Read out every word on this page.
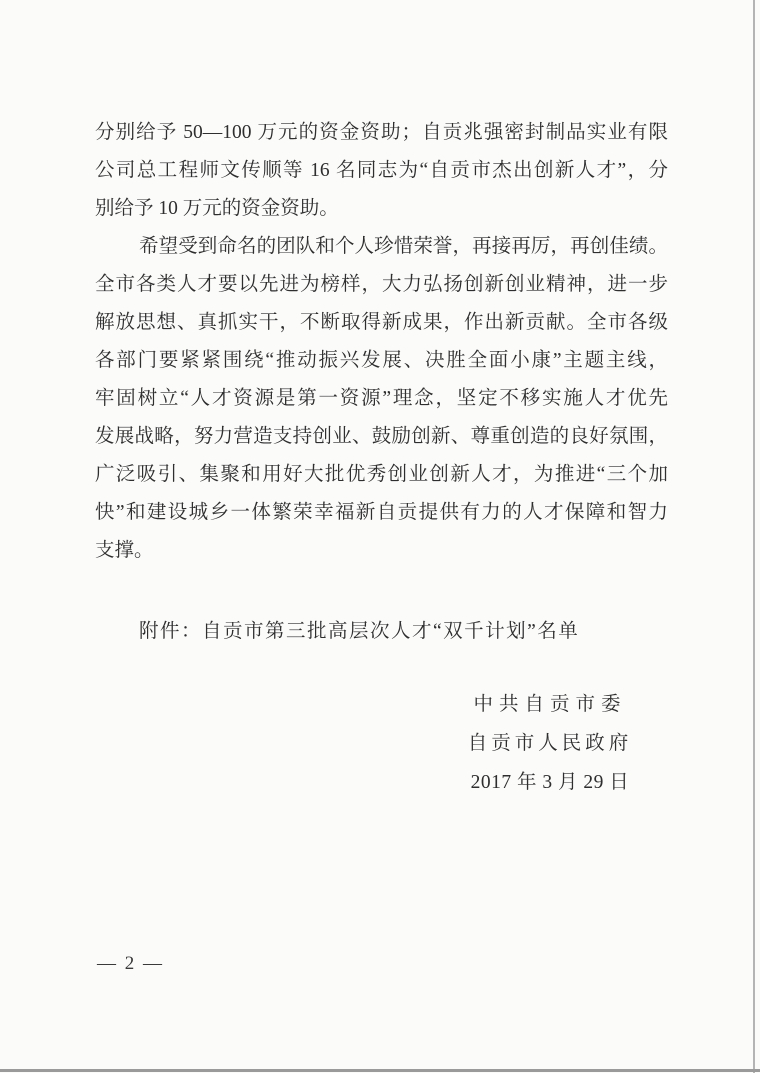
分别给予 50—100 万元的资金资助；自贡兆强密封制品实业有限
公司总工程师文传顺等 16 名同志为“自贡市杰出创新人才”，分
别给予 10 万元的资金资助。
希望受到命名的团队和个人珍惜荣誉，再接再厉，再创佳绩。
全市各类人才要以先进为榜样，大力弘扬创新创业精神，进一步
解放思想、真抓实干，不断取得新成果，作出新贡献。全市各级
各部门要紧紧围绕“推动振兴发展、决胜全面小康”主题主线，
牢固树立“人才资源是第一资源”理念，坚定不移实施人才优先
发展战略，努力营造支持创业、鼓励创新、尊重创造的良好氛围，
广泛吸引、集聚和用好大批优秀创业创新人才，为推进“三个加
快”和建设城乡一体繁荣幸福新自贡提供有力的人才保障和智力
支撑。
附件：自贡市第三批高层次人才“双千计划”名单
中共自贡市委
自贡市人民政府
2017 年 3 月 29 日
— 2 —
